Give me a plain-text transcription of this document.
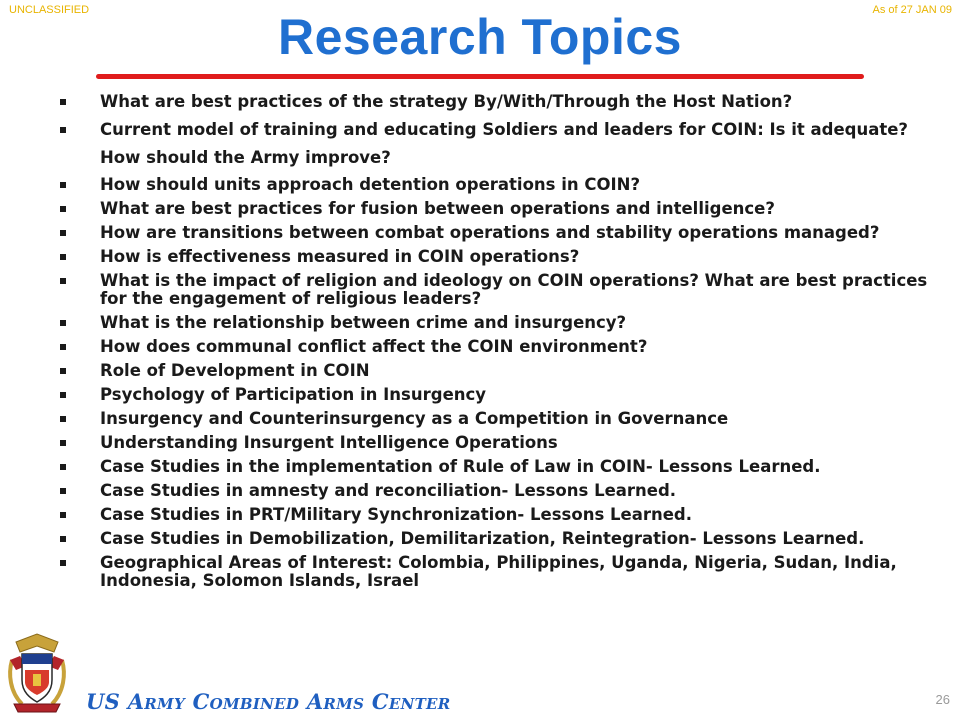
UNCLASSIFIED	As of 27 JAN 09
Research Topics
What are best practices of the strategy By/With/Through the Host Nation?
Current model of training and educating Soldiers and leaders for COIN: Is it adequate? How should the Army improve?
How should units approach detention operations in COIN?
What are best practices for fusion between operations and intelligence?
How are transitions between combat operations and stability operations managed?
How is effectiveness measured in COIN operations?
What is the impact of religion and ideology on COIN operations? What are best practices for the engagement of religious leaders?
What is the relationship between crime and insurgency?
How does communal conflict affect the COIN environment?
Role of Development in COIN
Psychology of Participation in Insurgency
Insurgency and Counterinsurgency as a Competition in Governance
Understanding Insurgent Intelligence Operations
Case Studies in the implementation of Rule of Law in COIN- Lessons Learned.
Case Studies in amnesty and reconciliation- Lessons Learned.
Case Studies in PRT/Military Synchronization- Lessons Learned.
Case Studies in Demobilization, Demilitarization, Reintegration- Lessons Learned.
Geographical Areas of Interest: Colombia, Philippines, Uganda, Nigeria, Sudan, India, Indonesia, Solomon Islands, Israel
US Army Combined Arms Center	26
